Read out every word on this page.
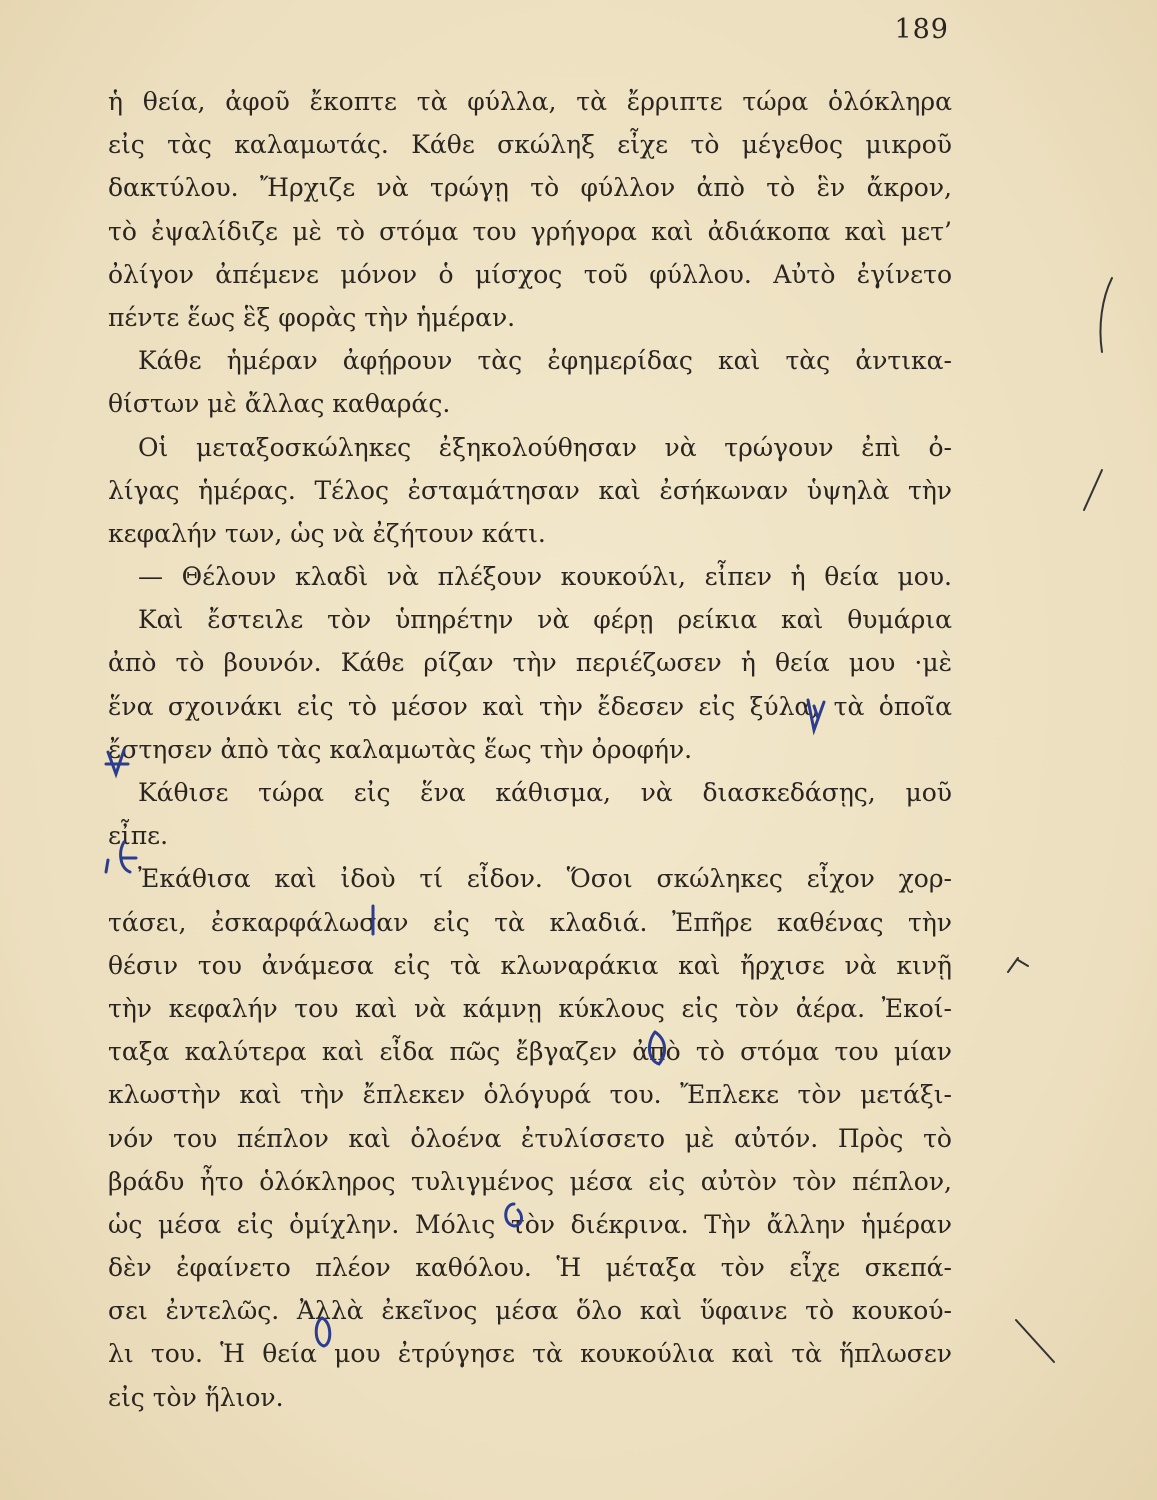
189
ἡ θεία, ἀφοῦ ἔκοπτε τὰ φύλλα, τὰ ἔρριπτε τώρα ὁλόκληρα
εἰς τὰς καλαμωτάς. Κάθε σκώληξ εἶχε τὸ μέγεθος μικροῦ
δακτύλου. Ἤρχιζε νὰ τρώγῃ τὸ φύλλον ἀπὸ τὸ ἓν ἄκρον,
τὸ ἐψαλίδιζε μὲ τὸ στόμα του γρήγορα καὶ ἀδιάκοπα καὶ μετ’
ὀλίγον ἀπέμενε μόνον ὁ μίσχος τοῦ φύλλου. Αὐτὸ ἐγίνετο
πέντε ἕως ἓξ φορὰς τὴν ἡμέραν.
Κάθε ἡμέραν ἀφῄρουν τὰς ἐφημερίδας καὶ τὰς ἀντικα-
θίστων μὲ ἄλλας καθαράς.
Οἱ μεταξοσκώληκες ἐξηκολούθησαν νὰ τρώγουν ἐπὶ ὀ-
λίγας ἡμέρας. Τέλος ἐσταμάτησαν καὶ ἐσήκωναν ὑψηλὰ τὴν
κεφαλήν των, ὡς νὰ ἐζήτουν κάτι.
— Θέλουν κλαδὶ νὰ πλέξουν κουκούλι, εἶπεν ἡ θεία μου.
Καὶ ἔστειλε τὸν ὑπηρέτην νὰ φέρῃ ρείκια καὶ θυμάρια
ἀπὸ τὸ βουνόν. Κάθε ρίζαν τὴν περιέζωσεν ἡ θεία μου ·μὲ
ἕνα σχοινάκι εἰς τὸ μέσον καὶ τὴν ἔδεσεν εἰς ξύλα, τὰ ὁποῖα
ἔστησεν ἀπὸ τὰς καλαμωτὰς ἕως τὴν ὀροφήν.
Κάθισε τώρα εἰς ἕνα κάθισμα, νὰ διασκεδάσῃς, μοῦ
εἶπε.
Ἐκάθισα καὶ ἰδοὺ τί εἶδον. Ὅσοι σκώληκες εἶχον χορ-
τάσει, ἐσκαρφάλωσαν εἰς τὰ κλαδιά. Ἐπῆρε καθένας τὴν
θέσιν του ἀνάμεσα εἰς τὰ κλωναράκια καὶ ἤρχισε νὰ κινῇ
τὴν κεφαλήν του καὶ νὰ κάμνῃ κύκλους εἰς τὸν ἀέρα. Ἐκοί-
ταξα καλύτερα καὶ εἶδα πῶς ἔβγαζεν ἀπὸ τὸ στόμα του μίαν
κλωστὴν καὶ τὴν ἔπλεκεν ὁλόγυρά του. Ἔπλεκε τὸν μετάξι-
νόν του πέπλον καὶ ὁλοένα ἐτυλίσσετο μὲ αὐτόν. Πρὸς τὸ
βράδυ ἦτο ὁλόκληρος τυλιγμένος μέσα εἰς αὐτὸν τὸν πέπλον,
ὡς μέσα εἰς ὁμίχλην. Μόλις τὸν διέκρινα. Τὴν ἄλλην ἡμέραν
δὲν ἐφαίνετο πλέον καθόλου. Ἡ μέταξα τὸν εἶχε σκεπά-
σει ἐντελῶς. Ἀλλὰ ἐκεῖνος μέσα ὅλο καὶ ὕφαινε τὸ κουκού-
λι του. Ἡ θεία μου ἐτρύγησε τὰ κουκούλια καὶ τὰ ἥπλωσεν
εἰς τὸν ἥλιον.
